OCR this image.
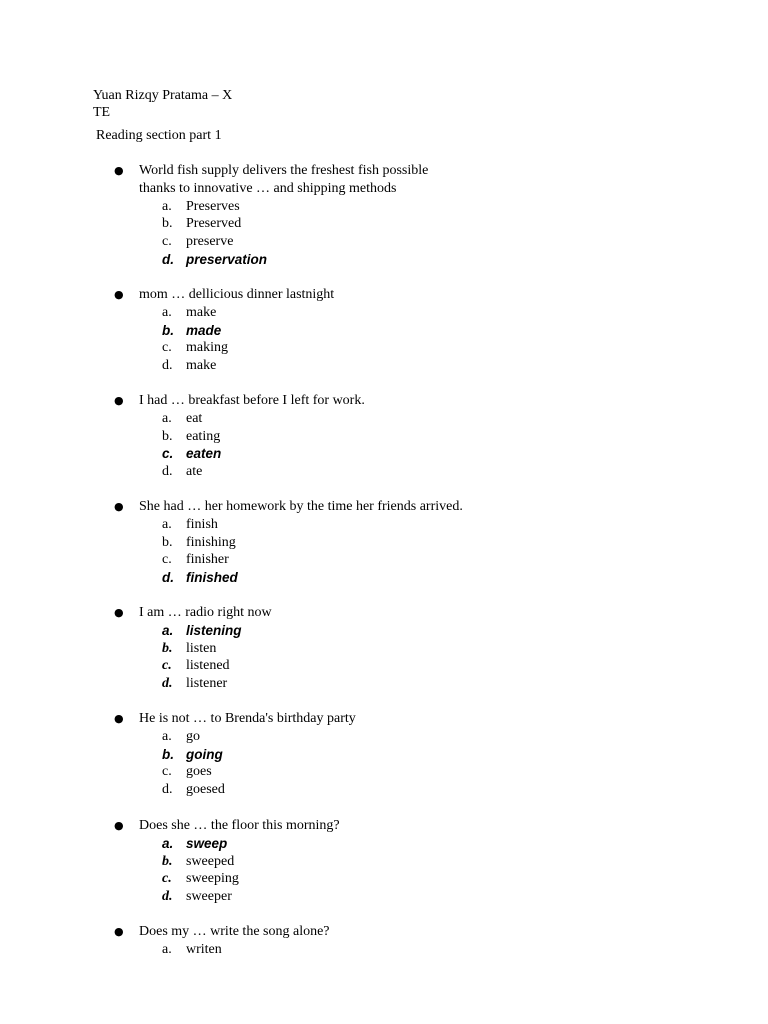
Yuan Rizqy Pratama – X
TE
Reading section part 1
● World fish supply delivers the freshest fish possible
thanks to innovative … and shipping methods
a. Preserves
b. Preserved
c. preserve
d. preservation
● mom … dellicious dinner lastnight
a. make
b. made
c. making
d. make
● I had … breakfast before I left for work.
a. eat
b. eating
c. eaten
d. ate
● She had … her homework by the time her friends arrived.
a. finish
b. finishing
c. finisher
d. finished
● I am … radio right now
a. listening
b. listen
c. listened
d. listener
● He is not … to Brenda's birthday party
a. go
b. going
c. goes
d. goesed
● Does she … the floor this morning?
a. sweep
b. sweeped
c. sweeping
d. sweeper
● Does my … write the song alone?
a. writen
